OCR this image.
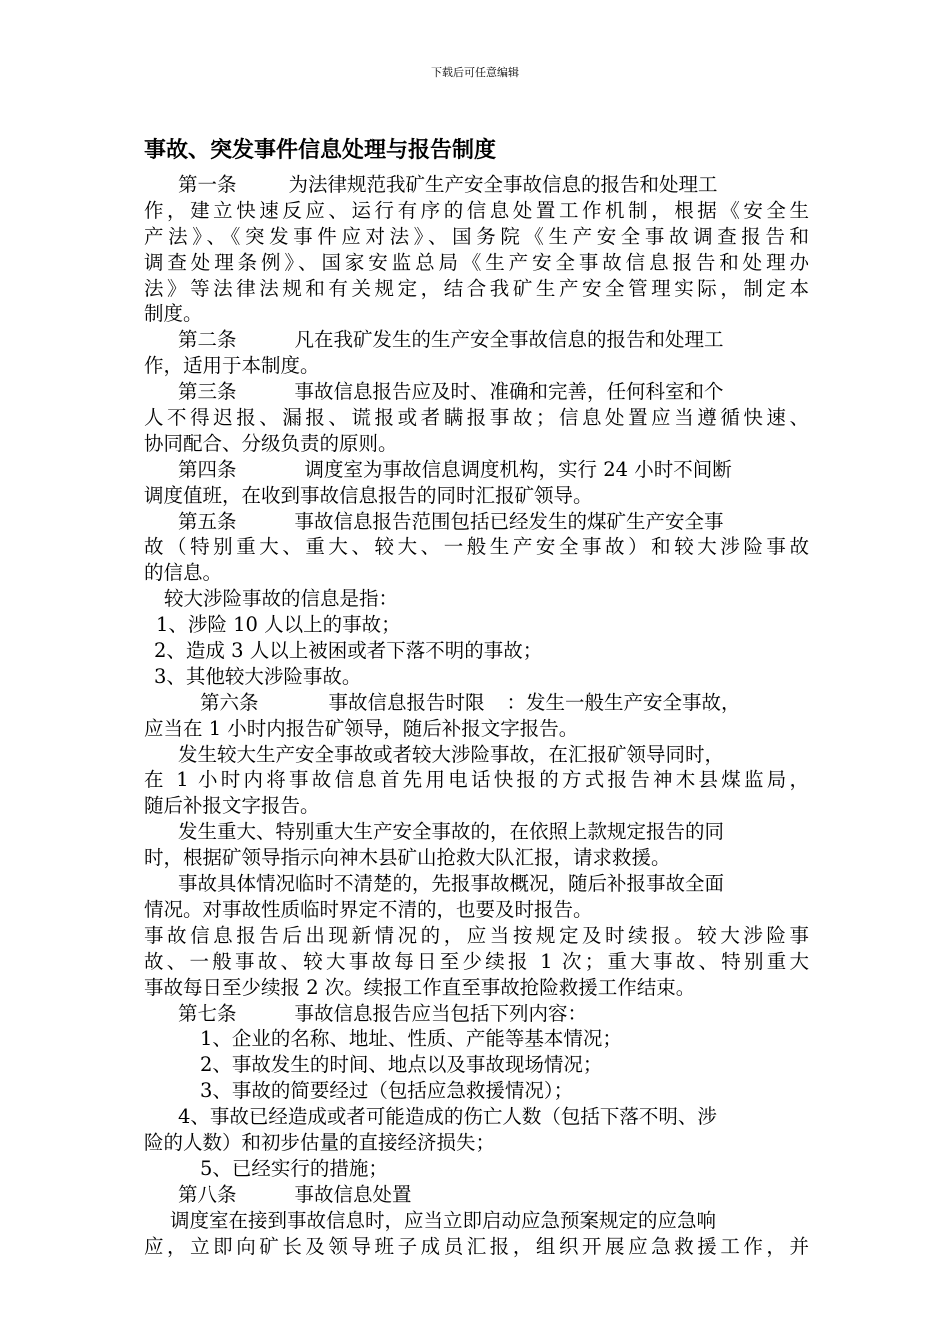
下载后可任意编辑
事故、突发事件信息处理与报告制度
第一条	为法律规范我矿生产安全事故信息的报告和处理工
作，建立快速反应、运行有序的信息处置工作机制，根据《安全生
产法》、《突发事件应对法》、国务院《生产安全事故调查报告和
调查处理条例》、国家安监总局《生产安全事故信息报告和处理办
法》等法律法规和有关规定，结合我矿生产安全管理实际，制定本
制度。
第二条	凡在我矿发生的生产安全事故信息的报告和处理工
作，适用于本制度。
第三条	事故信息报告应及时、准确和完善，任何科室和个
人不得迟报、漏报、谎报或者瞒报事故；信息处置应当遵循快速、
协同配合、分级负责的原则。
第四条	调度室为事故信息调度机构，实行 24 小时不间断
调度值班，在收到事故信息报告的同时汇报矿领导。
第五条	事故信息报告范围包括已经发生的煤矿生产安全事
故（特别重大、重大、较大、一般生产安全事故）和较大涉险事故
的信息。
较大涉险事故的信息是指：
1、涉险 10 人以上的事故；
2、造成 3 人以上被困或者下落不明的事故；
3、其他较大涉险事故。
第六条	事故信息报告时限 ：发生一般生产安全事故，
应当在 1 小时内报告矿领导，随后补报文字报告。
发生较大生产安全事故或者较大涉险事故，在汇报矿领导同时，
在 1 小时内将事故信息首先用电话快报的方式报告神木县煤监局，
随后补报文字报告。
发生重大、特别重大生产安全事故的，在依照上款规定报告的同
时，根据矿领导指示向神木县矿山抢救大队汇报，请求救援。
事故具体情况临时不清楚的，先报事故概况，随后补报事故全面
情况。对事故性质临时界定不清的，也要及时报告。
事故信息报告后出现新情况的，应当按规定及时续报。较大涉险事
故、一般事故、较大事故每日至少续报 1 次；重大事故、特别重大
事故每日至少续报 2 次。续报工作直至事故抢险救援工作结束。
第七条	事故信息报告应当包括下列内容：
1、企业的名称、地址、性质、产能等基本情况；
2、事故发生的时间、地点以及事故现场情况；
3、事故的简要经过（包括应急救援情况）；
4、事故已经造成或者可能造成的伤亡人数（包括下落不明、涉
险的人数）和初步估量的直接经济损失；
5、已经实行的措施；
第八条	事故信息处置
调度室在接到事故信息时，应当立即启动应急预案规定的应急响
应，立即向矿长及领导班子成员汇报，组织开展应急救援工作，并
